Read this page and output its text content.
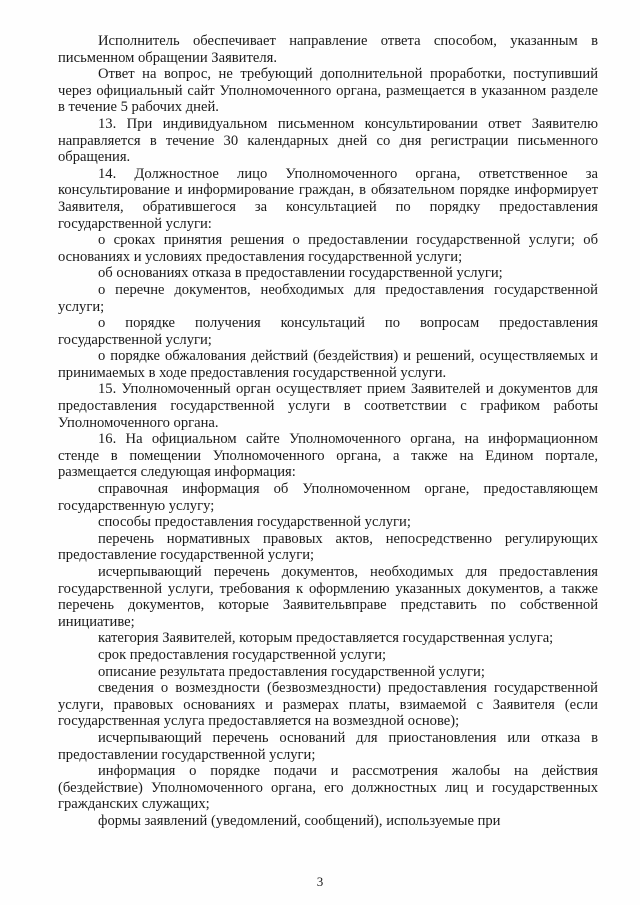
Исполнитель обеспечивает направление ответа способом, указанным в письменном обращении Заявителя.

Ответ на вопрос, не требующий дополнительной проработки, поступивший через официальный сайт Уполномоченного органа, размещается в указанном разделе в течение 5 рабочих дней.

13. При индивидуальном письменном консультировании ответ Заявителю направляется в течение 30 календарных дней со дня регистрации письменного обращения.

14. Должностное лицо Уполномоченного органа, ответственное за консультирование и информирование граждан, в обязательном порядке информирует Заявителя, обратившегося за консультацией по порядку предоставления государственной услуги:

о сроках принятия решения о предоставлении государственной услуги; об основаниях и условиях предоставления государственной услуги;

об основаниях отказа в предоставлении государственной услуги;

о перечне документов, необходимых для предоставления государственной услуги;

о порядке получения консультаций по вопросам предоставления государственной услуги;

о порядке обжалования действий (бездействия) и решений, осуществляемых и принимаемых в ходе предоставления государственной услуги.

15. Уполномоченный орган осуществляет прием Заявителей и документов для предоставления государственной услуги в соответствии с графиком работы Уполномоченного органа.

16. На официальном сайте Уполномоченного органа, на информационном стенде в помещении Уполномоченного органа, а также на Едином портале, размещается следующая информация:

справочная информация об Уполномоченном органе, предоставляющем государственную услугу;

способы предоставления государственной услуги;

перечень нормативных правовых актов, непосредственно регулирующих предоставление государственной услуги;

исчерпывающий перечень документов, необходимых для предоставления государственной услуги, требования к оформлению указанных документов, а также перечень документов, которые Заявительвправе представить по собственной инициативе;

категория Заявителей, которым предоставляется государственная услуга;

срок предоставления государственной услуги;

описание результата предоставления государственной услуги;

сведения о возмездности (безвозмездности) предоставления государственной услуги, правовых основаниях и размерах платы, взимаемой с Заявителя (если государственная услуга предоставляется на возмездной основе);

исчерпывающий перечень оснований для приостановления или отказа в предоставлении государственной услуги;

информация о порядке подачи и рассмотрения жалобы на действия (бездействие) Уполномоченного органа, его должностных лиц и государственных гражданских служащих;

формы заявлений (уведомлений, сообщений), используемые при

3
